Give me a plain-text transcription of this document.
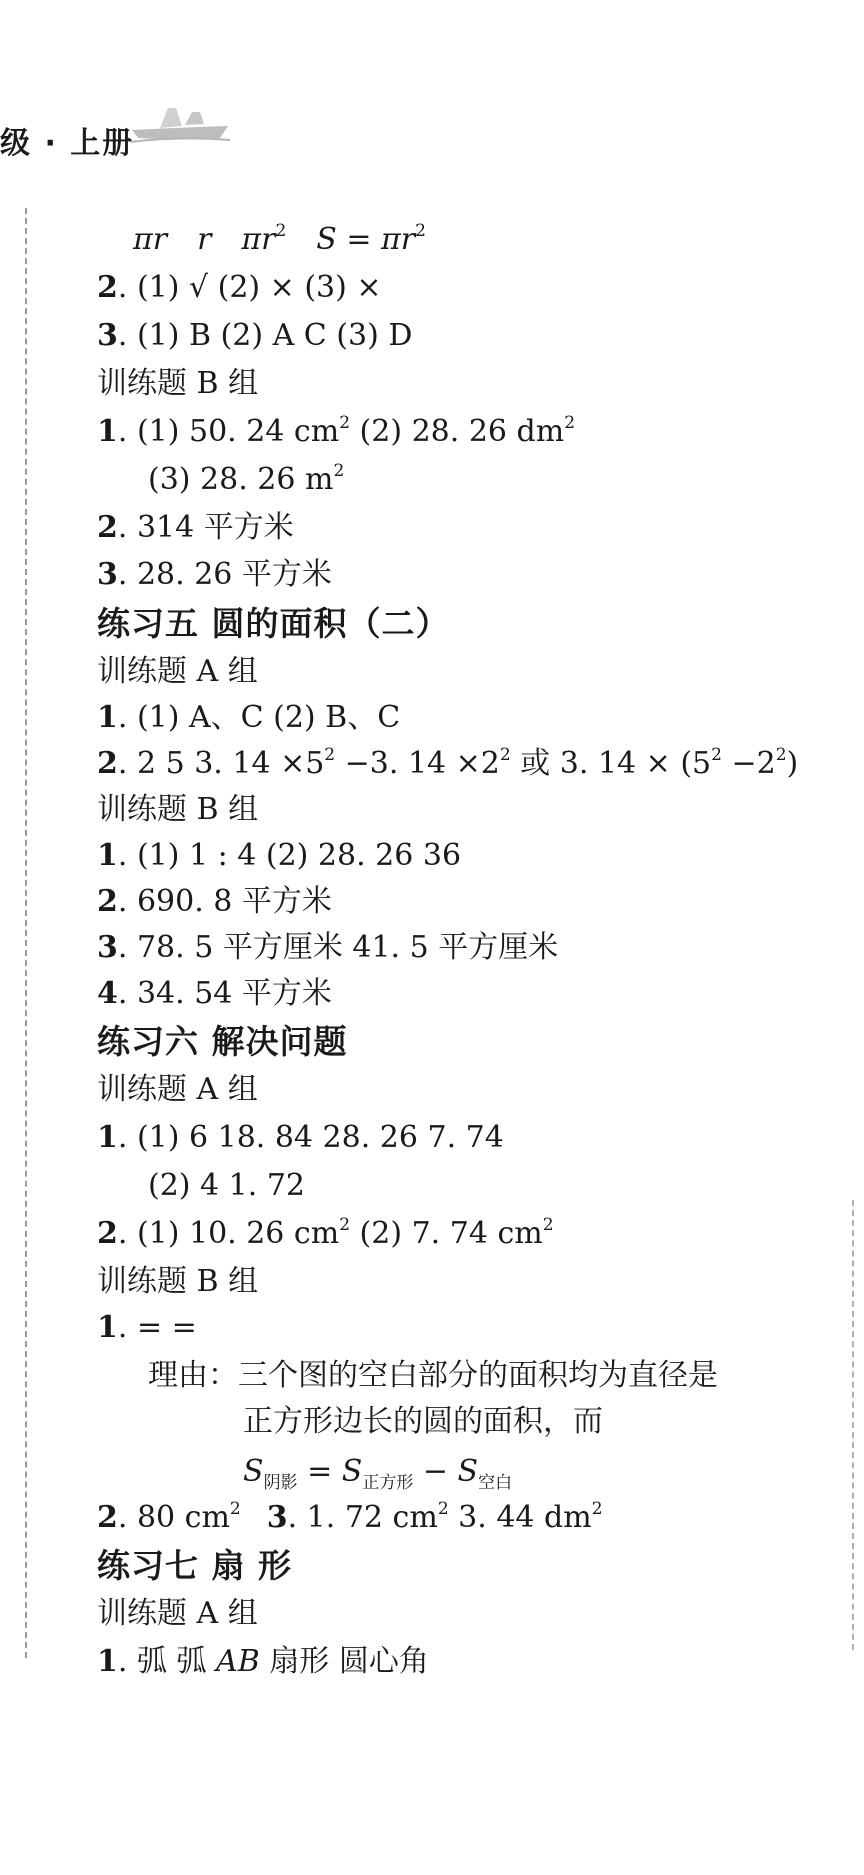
级 · 上册
πr r $\pi r^2$ $S = \pi r^2$
2. (1) √ (2) × (3) ×
3. (1) B (2) A C (3) D
训练题 B 组
1. (1) 50. 24 $cm^2$ (2) 28. 26 $dm^2$
(3) 28. 26 $m^2$
2. 314 平方米
3. 28. 26 平方米
练习五 圆的面积（二）
训练题 A 组
1. (1) A、C (2) B、C
2. 2 5 3. $14 \times 5^2 -3$. $14 \times 2^2$ 或 3. $14 \times (5^2 -2^2)$
训练题 B 组
1. (1) 1 : 4 (2) 28. 26 36
2. 690. 8 平方米
3. 78. 5 平方厘米 41. 5 平方厘米
4. 34. 54 平方米
练习六 解决问题
训练题 A 组
1. (1) 6 18. 84 28. 26 7. 74
(2) 4 1. 72
2. (1) 10. 26 $cm^2$ (2) 7. 74 $cm^2$
训练题 B 组
1. = =
理由：三个图的空白部分的面积均为直径是
正方形边长的圆的面积，而
$S_{阴影} = S_{正方形} - S_{空白}$
2. 80 $cm^2$ 3. 1. 72 $cm^2$ 3. 44 $dm^2$
练习七 扇 形
训练题 A 组
1. 弧 弧 AB 扇形 圆心角
